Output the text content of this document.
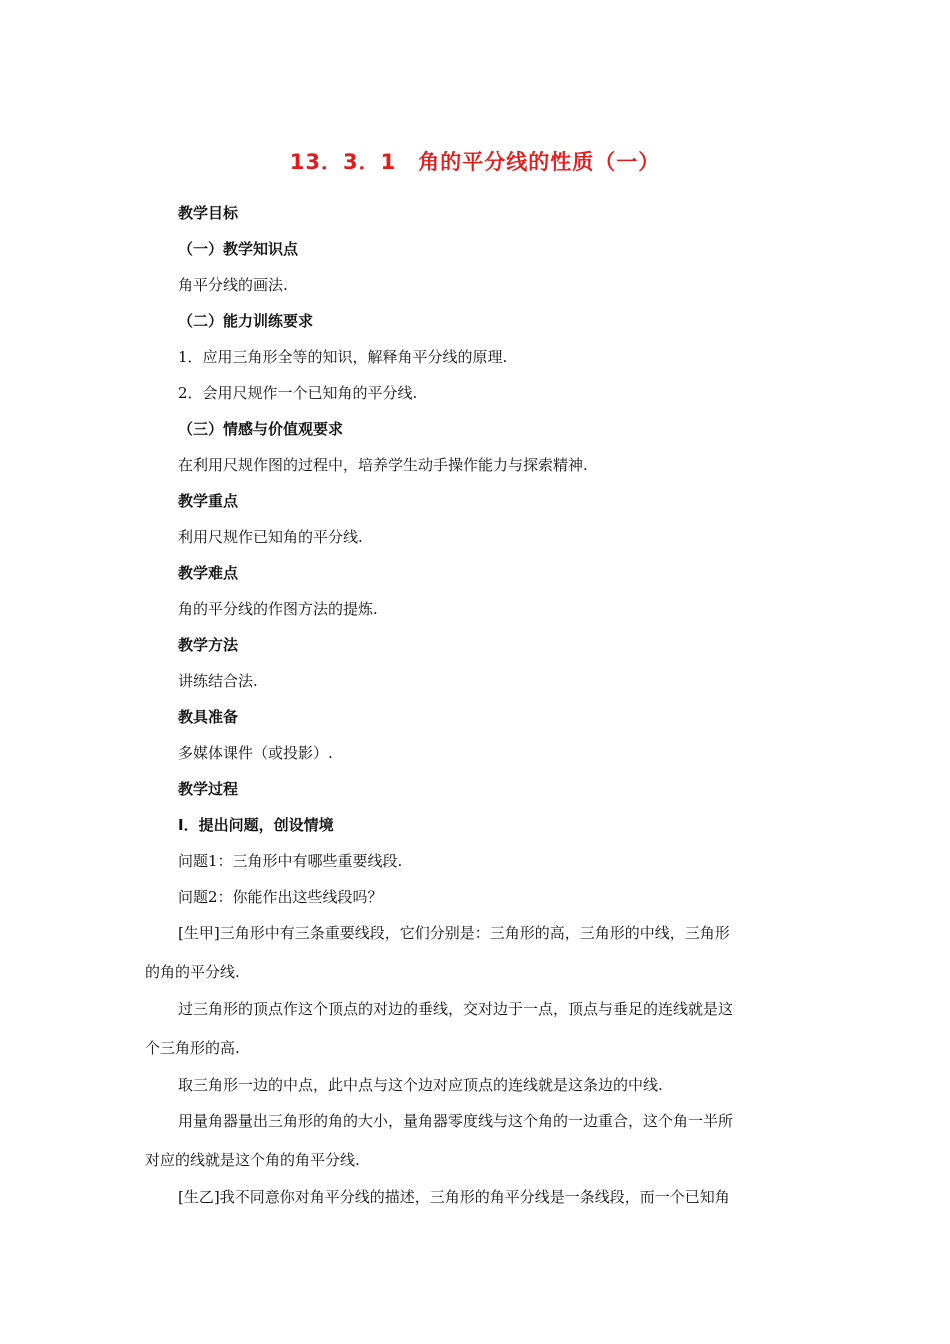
13．3．1　角的平分线的性质（一）
教学目标
（一）教学知识点
角平分线的画法.
（二）能力训练要求
1．应用三角形全等的知识，解释角平分线的原理.
2．会用尺规作一个已知角的平分线.
（三）情感与价值观要求
在利用尺规作图的过程中，培养学生动手操作能力与探索精神.
教学重点
利用尺规作已知角的平分线.
教学难点
角的平分线的作图方法的提炼.
教学方法
讲练结合法.
教具准备
多媒体课件（或投影）.
教学过程
Ⅰ．提出问题，创设情境
问题1：三角形中有哪些重要线段.
问题2：你能作出这些线段吗？
[生甲]三角形中有三条重要线段，它们分别是：三角形的高，三角形的中线，三角形
的角的平分线.
过三角形的顶点作这个顶点的对边的垂线，交对边于一点，顶点与垂足的连线就是这
个三角形的高.
取三角形一边的中点，此中点与这个边对应顶点的连线就是这条边的中线.
用量角器量出三角形的角的大小，量角器零度线与这个角的一边重合，这个角一半所
对应的线就是这个角的角平分线.
[生乙]我不同意你对角平分线的描述，三角形的角平分线是一条线段，而一个已知角
